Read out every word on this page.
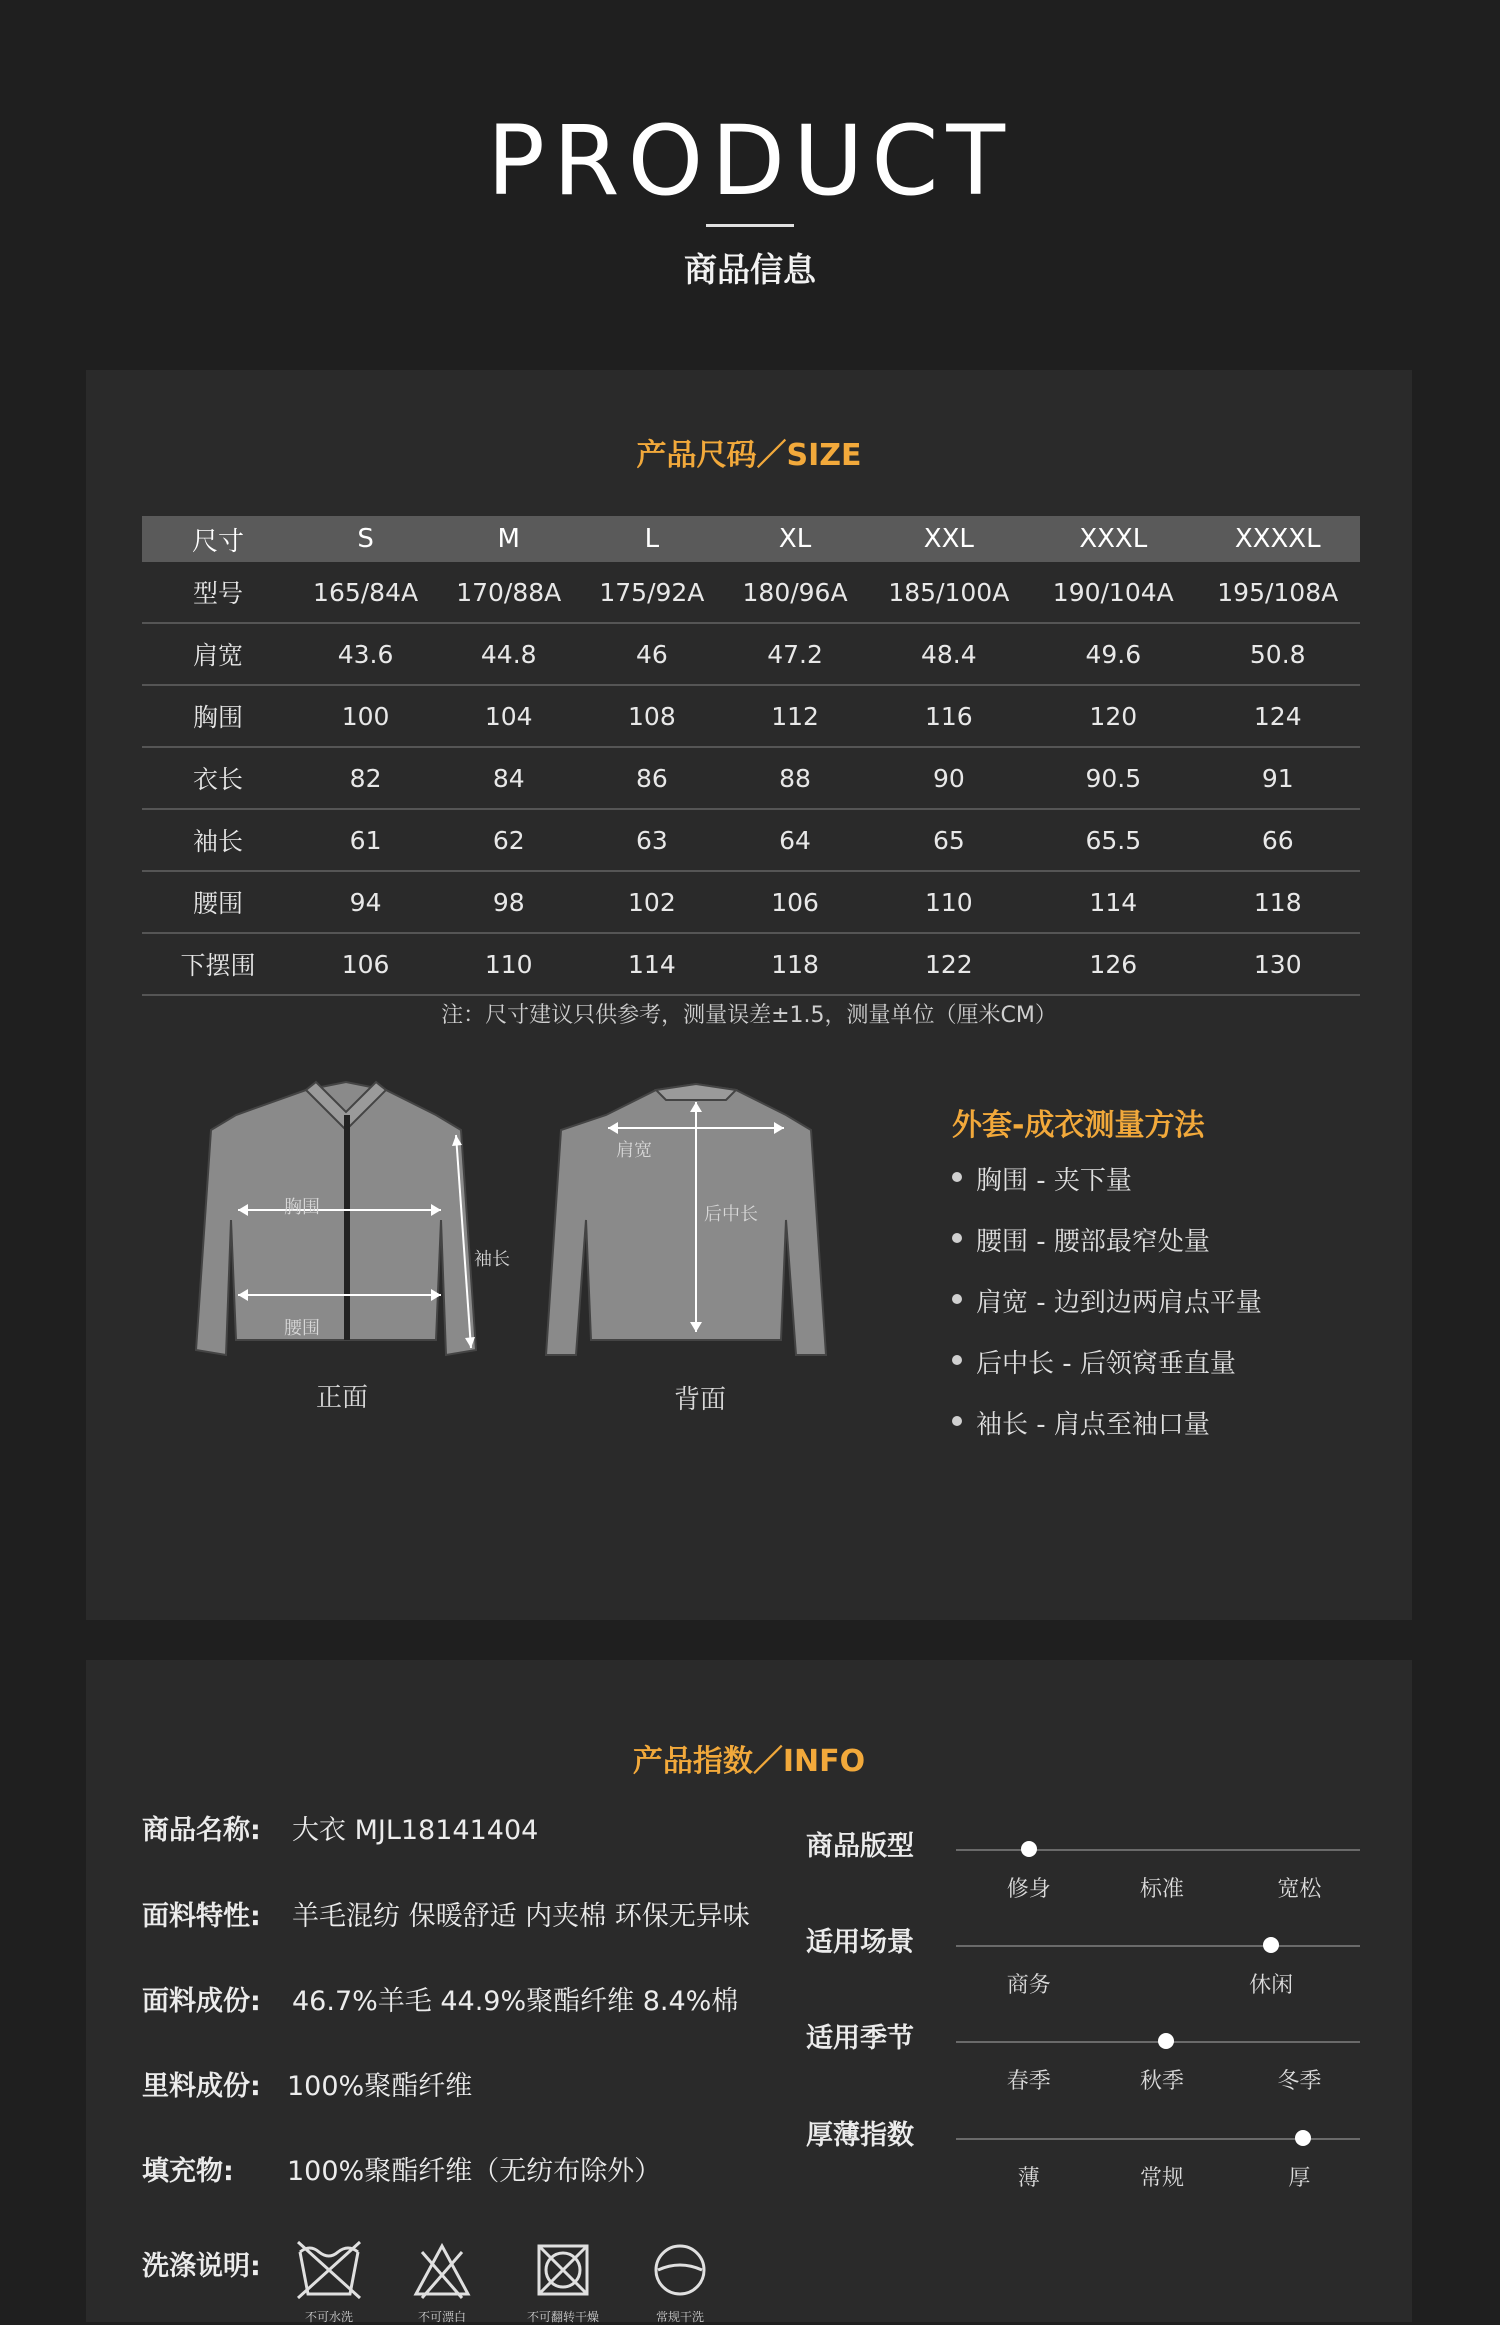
PRODUCT
商品信息
产品尺码／SIZE
尺寸	S	M	L	XL	XXL	XXXL	XXXXL
型号	165/84A	170/88A	175/92A	180/96A	185/100A	190/104A	195/108A
肩宽	43.6	44.8	46	47.2	48.4	49.6	50.8
胸围	100	104	108	112	116	120	124
衣长	82	84	86	88	90	90.5	91
袖长	61	62	63	64	65	65.5	66
腰围	94	98	102	106	110	114	118
下摆围	106	110	114	118	122	126	130
注：尺寸建议只供参考，测量误差±1.5，测量单位（厘米CM）
胸围
腰围
袖长
肩宽
后中长
正面	背面
外套-成衣测量方法
胸围 - 夹下量
腰围 - 腰部最窄处量
肩宽 - 边到边两肩点平量
后中长 - 后领窝垂直量
袖长 - 肩点至袖口量
产品指数／INFO
商品名称: 大衣 MJL18141404
面料特性: 羊毛混纺 保暖舒适 内夹棉 环保无异味
面料成份: 46.7%羊毛 44.9%聚酯纤维 8.4%棉
里料成份: 100%聚酯纤维
填充物: 100%聚酯纤维（无纺布除外）
商品版型
修身	标准	宽松
适用场景
商务	休闲
适用季节
春季	秋季	冬季
厚薄指数
薄	常规	厚
洗涤说明:
不可水洗	不可漂白	不可翻转干燥	常规干洗
